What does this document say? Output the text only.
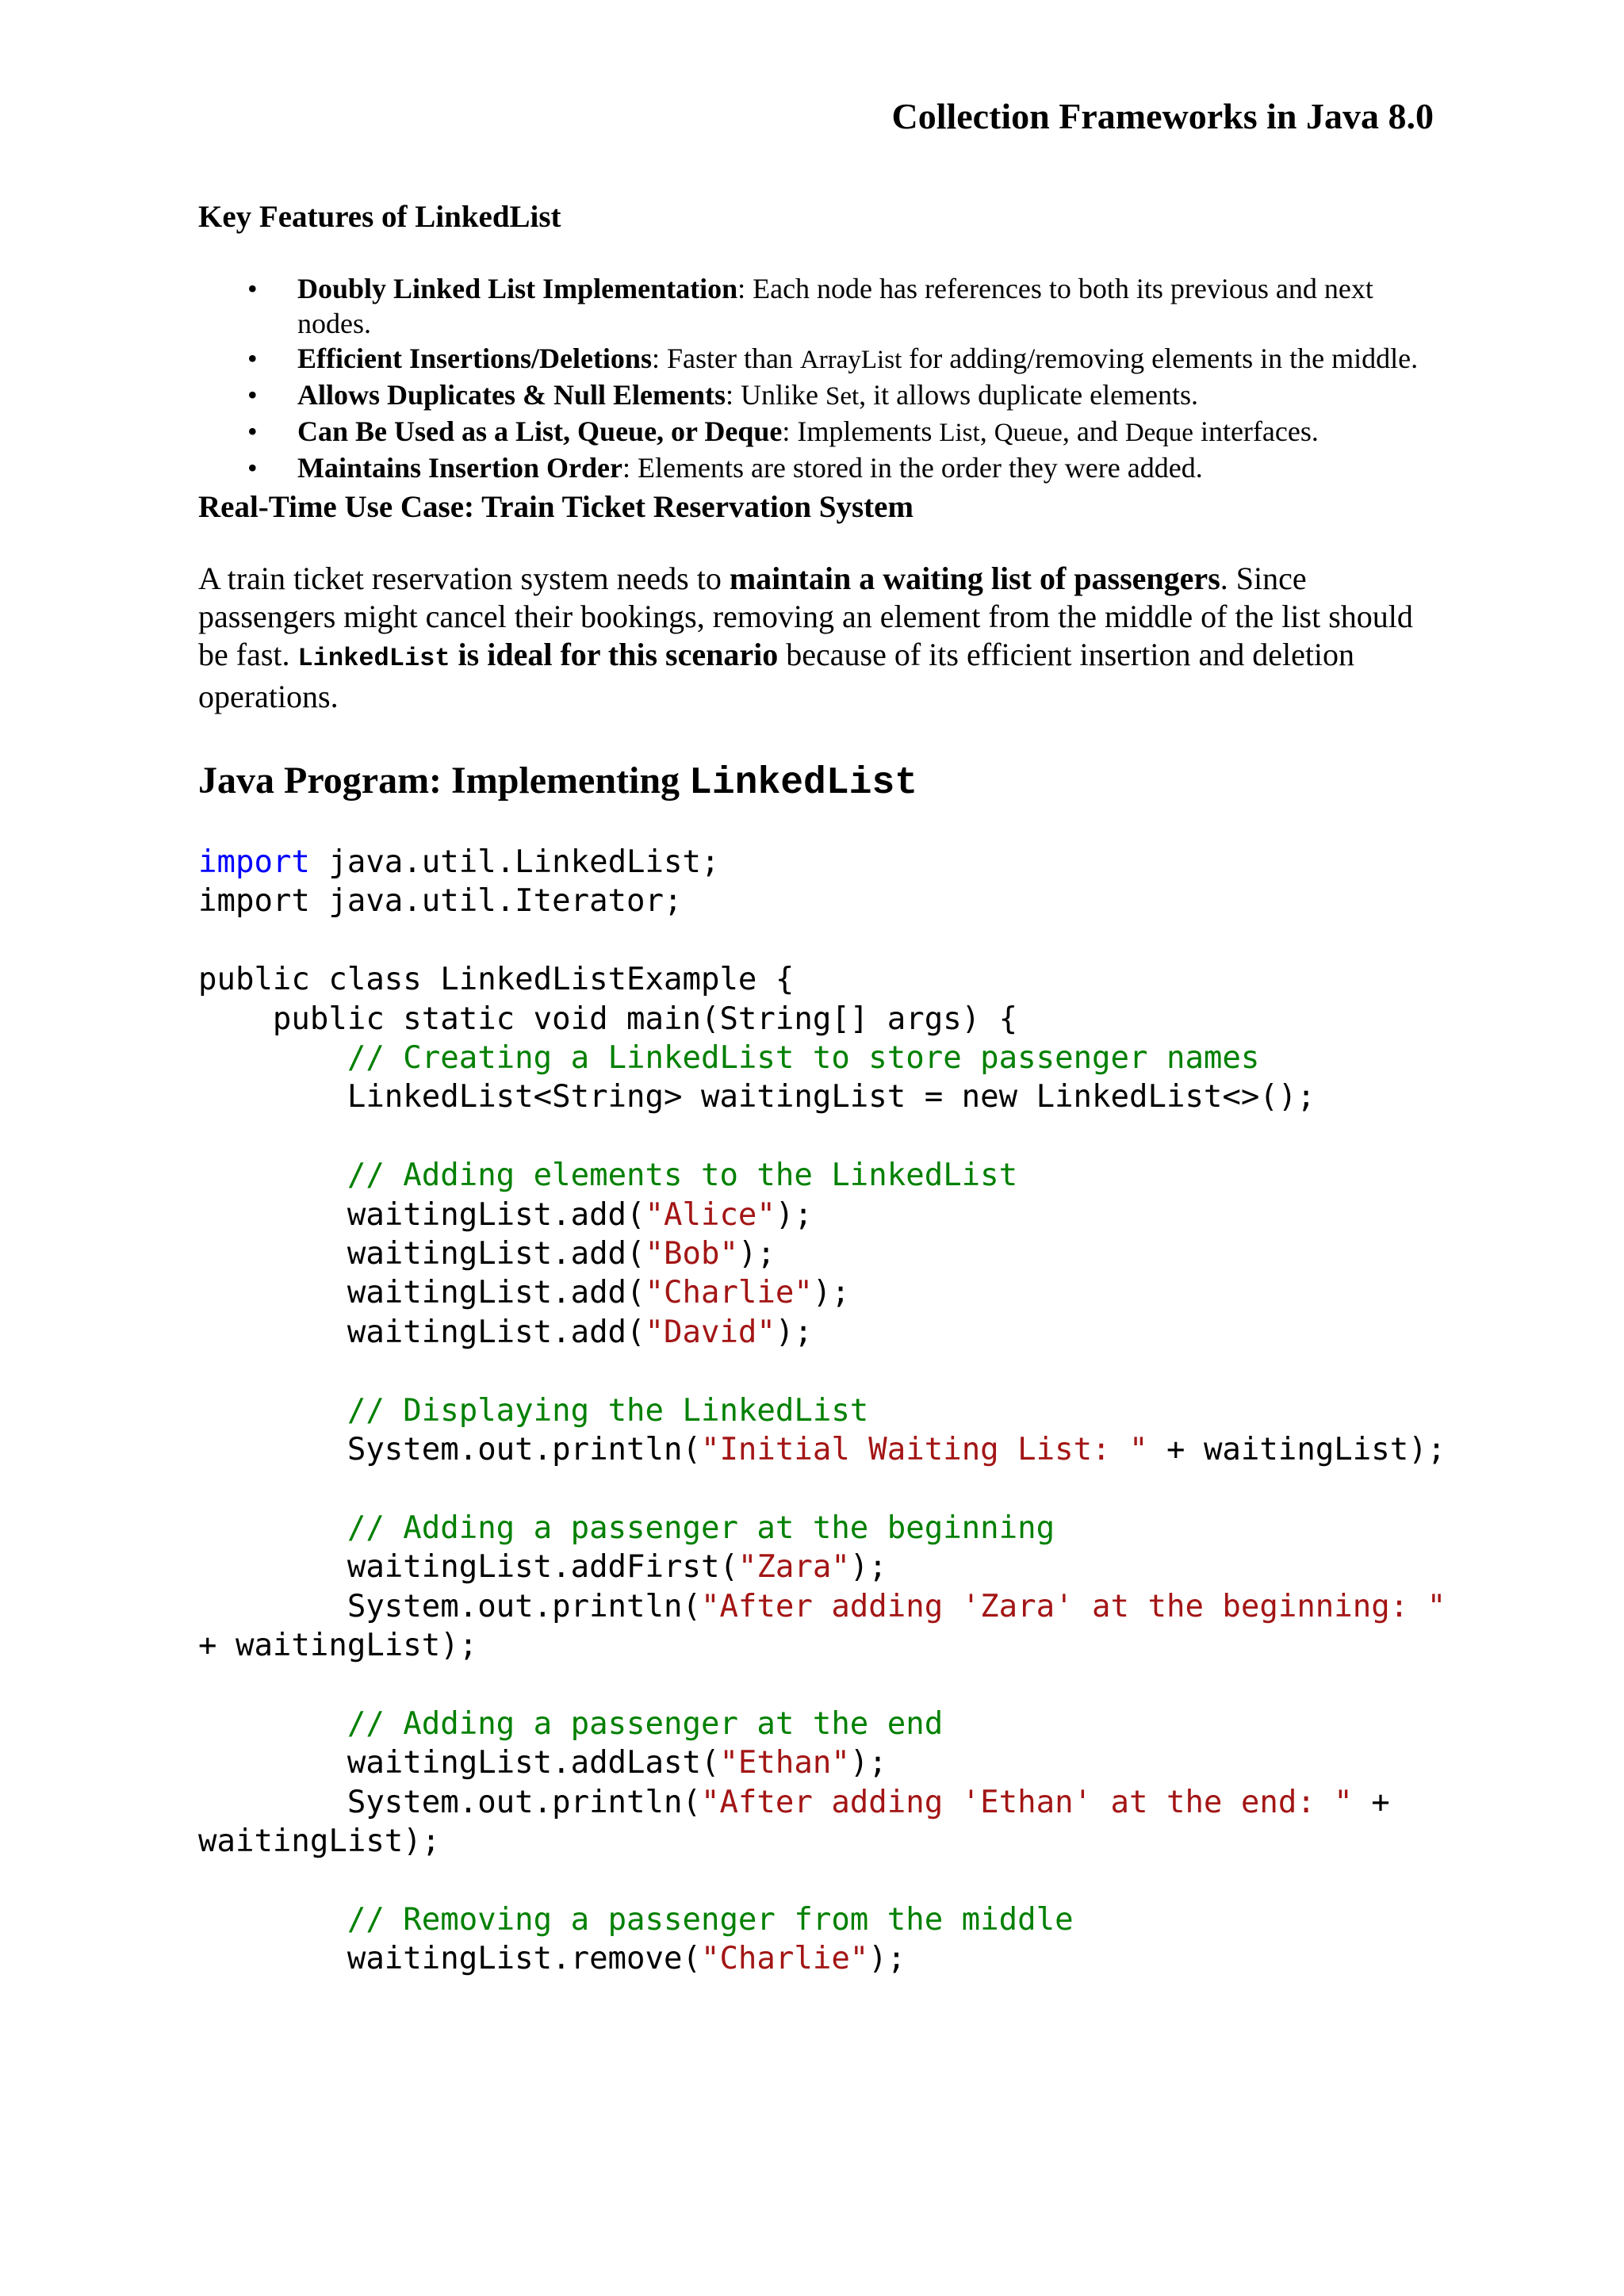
Collection Frameworks in Java 8.0
Key Features of LinkedList
• Doubly Linked List Implementation: Each node has references to both its previous and next nodes.
• Efficient Insertions/Deletions: Faster than ArrayList for adding/removing elements in the middle.
• Allows Duplicates & Null Elements: Unlike Set, it allows duplicate elements.
• Can Be Used as a List, Queue, or Deque: Implements List, Queue, and Deque interfaces.
• Maintains Insertion Order: Elements are stored in the order they were added.
Real-Time Use Case: Train Ticket Reservation System

A train ticket reservation system needs to maintain a waiting list of passengers. Since passengers might cancel their bookings, removing an element from the middle of the list should be fast. LinkedList is ideal for this scenario because of its efficient insertion and deletion operations.

Java Program: Implementing LinkedList
import java.util.LinkedList;
import java.util.Iterator;

public class LinkedListExample {
public static void main(String[] args) {
// Creating a LinkedList to store passenger names
LinkedList<String> waitingList = new LinkedList<>();

// Adding elements to the LinkedList
waitingList.add("Alice");
waitingList.add("Bob");
waitingList.add("Charlie");
waitingList.add("David");

// Displaying the LinkedList
System.out.println("Initial Waiting List: " + waitingList);

// Adding a passenger at the beginning
waitingList.addFirst("Zara");
System.out.println("After adding 'Zara' at the beginning: "
+ waitingList);

// Adding a passenger at the end
waitingList.addLast("Ethan");
System.out.println("After adding 'Ethan' at the end: " +
waitingList);

// Removing a passenger from the middle
waitingList.remove("Charlie");
